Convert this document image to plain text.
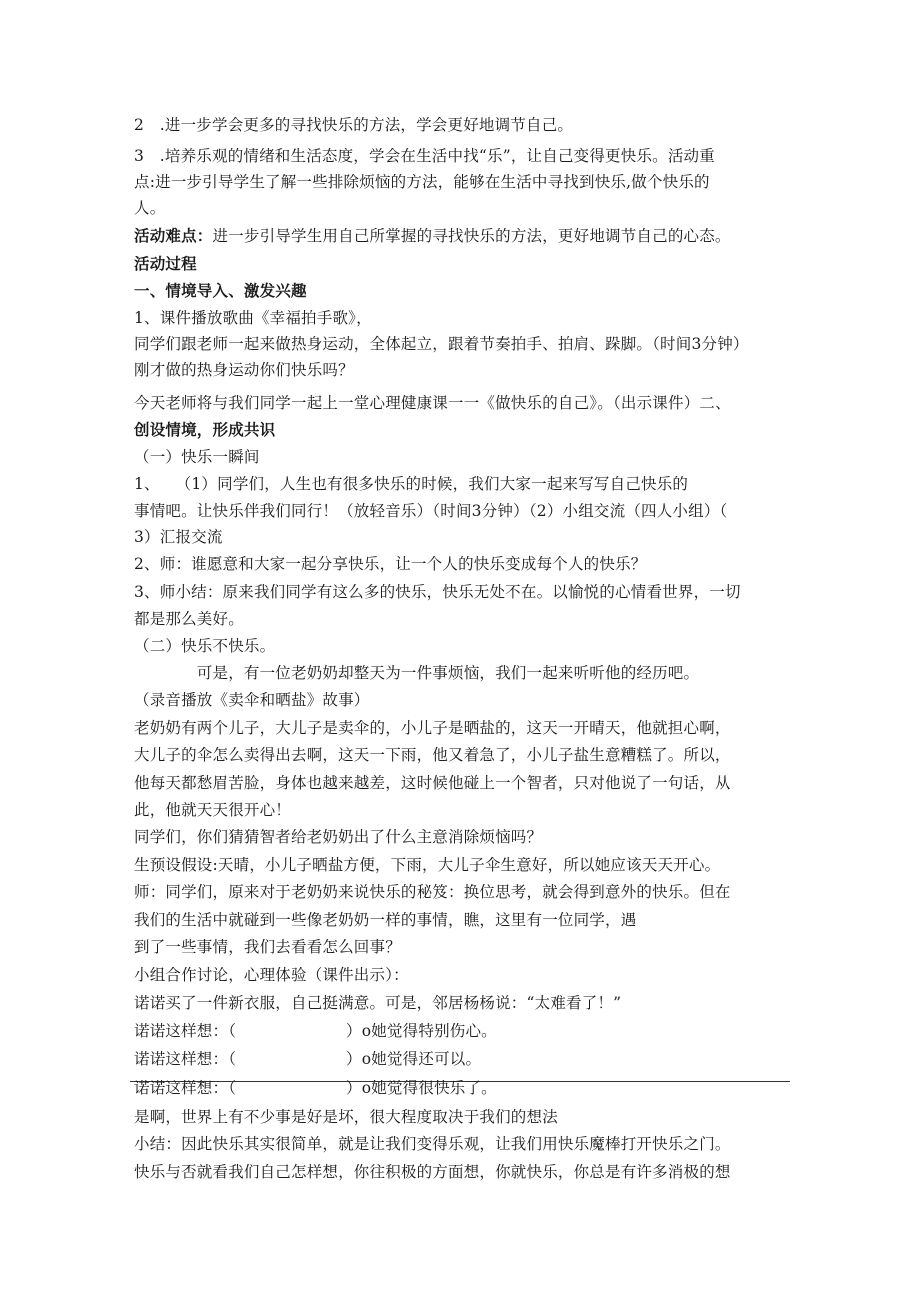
2　.进一步学会更多的寻找快乐的方法，学会更好地调节自己。
3　.培养乐观的情绪和生活态度，学会在生活中找“乐”，让自己变得更快乐。活动重
点:进一步引导学生了解一些排除烦恼的方法，能够在生活中寻找到快乐,做个快乐的
人。
活动难点：进一步引导学生用自己所掌握的寻找快乐的方法，更好地调节自己的心态。
活动过程
一、情境导入、激发兴趣
1、课件播放歌曲《幸福拍手歌》，
同学们跟老师一起来做热身运动，全体起立，跟着节奏拍手、拍肩、跺脚。（时间3分钟）
刚才做的热身运动你们快乐吗？
今天老师将与我们同学一起上一堂心理健康课一一《做快乐的自己》。（出示课件）二、
创设情境，形成共识
（一）快乐一瞬间
1、　　（1）同学们，人生也有很多快乐的时候，我们大家一起来写写自己快乐的
事情吧。让快乐伴我们同行！（放轻音乐）（时间3分钟）（2）小组交流（四人小组）（
3）汇报交流
2、师：谁愿意和大家一起分享快乐，让一个人的快乐变成每个人的快乐？
3、师小结：原来我们同学有这么多的快乐，快乐无处不在。以愉悦的心情看世界，一切
都是那么美好。
（二）快乐不快乐。
　　　　可是，有一位老奶奶却整天为一件事烦恼，我们一起来听听他的经历吧。
（录音播放《卖伞和晒盐》故事）
老奶奶有两个儿子，大儿子是卖伞的，小儿子是晒盐的，这天一开晴天，他就担心啊，
大儿子的伞怎么卖得出去啊，这天一下雨，他又着急了，小儿子盐生意糟糕了。所以，
他每天都愁眉苦脸，身体也越来越差，这时候他碰上一个智者，只对他说了一句话，从
此，他就天天很开心！
同学们，你们猜猜智者给老奶奶出了什么主意消除烦恼吗？
生预设假设:天晴，小儿子晒盐方便，下雨，大儿子伞生意好，所以她应该天天开心。
师：同学们，原来对于老奶奶来说快乐的秘笈：换位思考，就会得到意外的快乐。但在
我们的生活中就碰到一些像老奶奶一样的事情，瞧，这里有一位同学，遇
到了一些事情，我们去看看怎么回事？
小组合作讨论，心理体验（课件出示）：
诺诺买了一件新衣服，自己挺满意。可是，邻居杨杨说：“太难看了！”
诺诺这样想：（　　　　　　　）o她觉得特别伤心。
诺诺这样想：（　　　　　　　）o她觉得还可以。
诺诺这样想：（　　　　　　　）o她觉得很快乐了。
是啊，世界上有不少事是好是坏，很大程度取决于我们的想法
小结：因此快乐其实很简单，就是让我们变得乐观，让我们用快乐魔棒打开快乐之门。
快乐与否就看我们自己怎样想，你往积极的方面想，你就快乐，你总是有许多消极的想
